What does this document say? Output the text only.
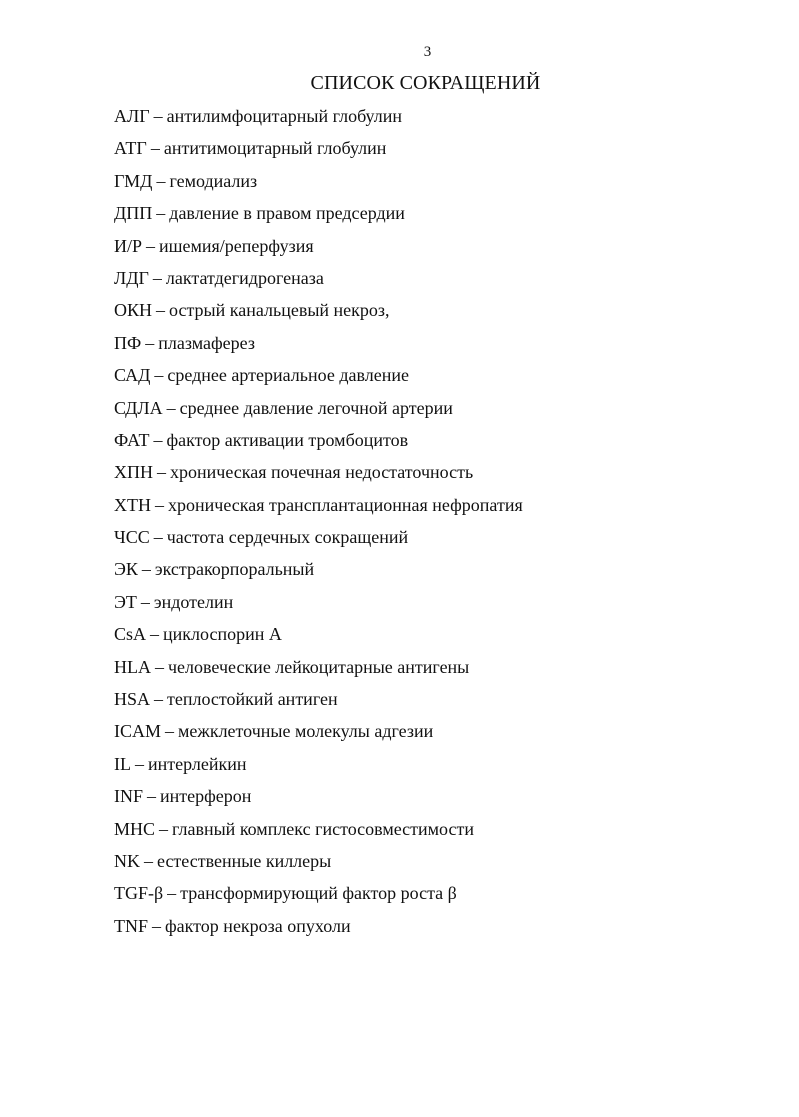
3
СПИСОК СОКРАЩЕНИЙ
АЛГ – антилимфоцитарный глобулин
АТГ – антитимоцитарный глобулин
ГМД – гемодиализ
ДПП – давление в правом предсердии
И/Р – ишемия/реперфузия
ЛДГ – лактатдегидрогеназа
ОКН – острый канальцевый некроз,
ПФ – плазмаферез
САД – среднее артериальное давление
СДЛА – среднее давление легочной артерии
ФАТ – фактор активации тромбоцитов
ХПН – хроническая почечная недостаточность
ХТН – хроническая трансплантационная нефропатия
ЧСС – частота сердечных сокращений
ЭК – экстракорпоральный
ЭТ – эндотелин
CsA – циклоспорин А
HLA – человеческие лейкоцитарные антигены
HSA – теплостойкий антиген
ICAM – межклеточные молекулы адгезии
IL – интерлейкин
INF – интерферон
MHC – главный комплекс гистосовместимости
NK – естественные киллеры
TGF-β – трансформирующий фактор роста β
TNF – фактор некроза опухоли
